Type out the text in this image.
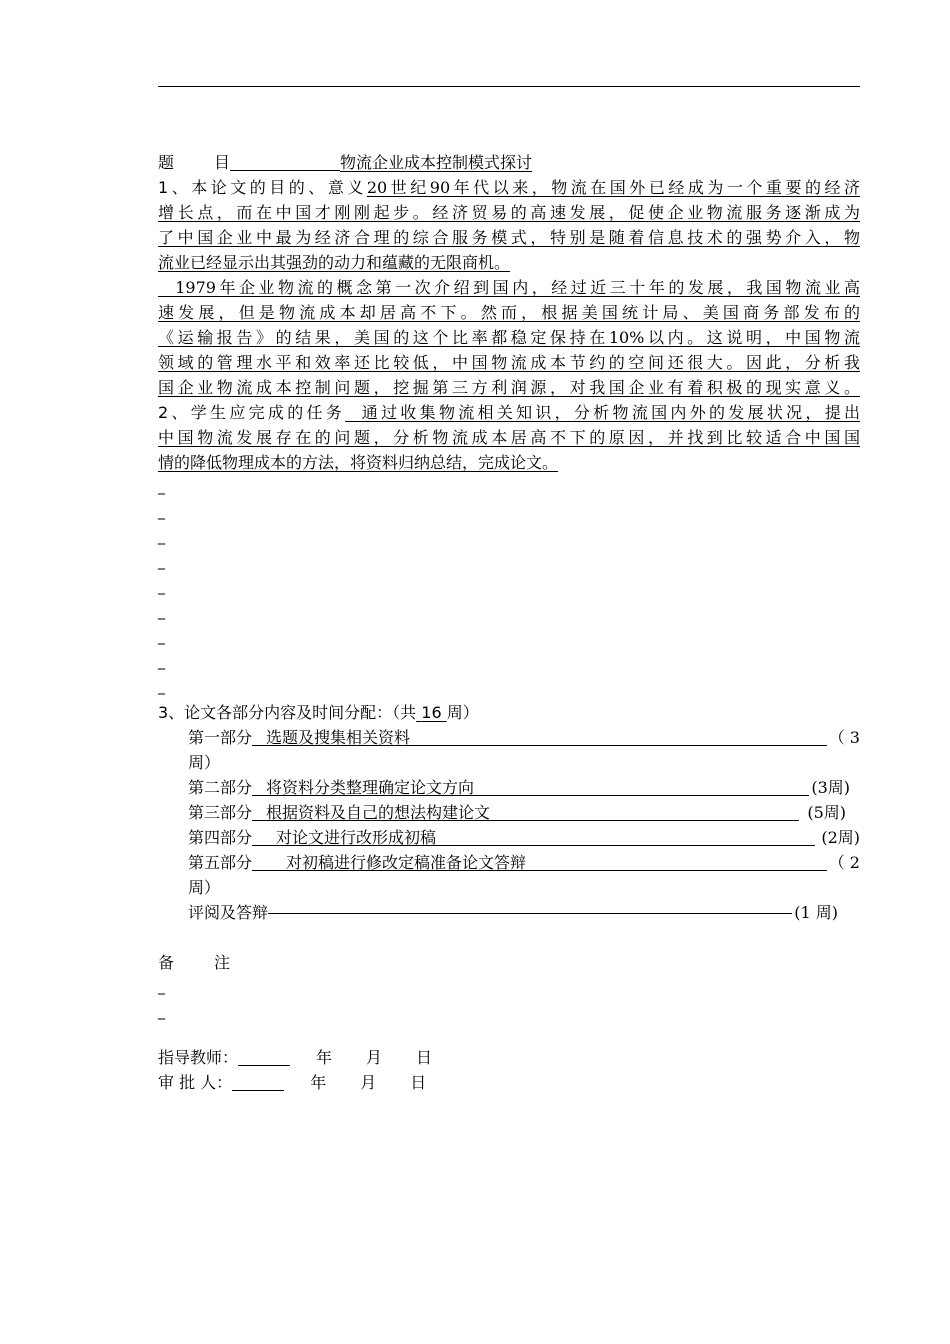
题	目	物流企业成本控制模式探讨
1、本论文的目的、意义20世纪90年代以来，物流在国外已经成为一个重要的经济
增长点，而在中国才刚刚起步。经济贸易的高速发展，促使企业物流服务逐渐成为
了中国企业中最为经济合理的综合服务模式，特别是随着信息技术的强势介入，物
流业已经显示出其强劲的动力和蕴藏的无限商机。
1979年企业物流的概念第一次介绍到国内，经过近三十年的发展，我国物流业高
速发展，但是物流成本却居高不下。然而，根据美国统计局、美国商务部发布的
《运输报告》的结果，美国的这个比率都稳定保持在10%以内。这说明，中国物流
领域的管理水平和效率还比较低，中国物流成本节约的空间还很大。因此，分析我
国企业物流成本控制问题，挖掘第三方利润源，对我国企业有着积极的现实意义。
2、学生应完成的任务  通过收集物流相关知识，分析物流国内外的发展状况，提出
中国物流发展存在的问题，分析物流成本居高不下的原因，并找到比较适合中国国
情的降低物理成本的方法，将资料归纳总结，完成论文。
_
_
_
_
_
_
_
_
_
3、论文各部分内容及时间分配：（共 16 周）
第一部分 选题及搜集相关资料	（ 3
周）
第二部分 将资料分类整理确定论文方向	(3周)
第三部分 根据资料及自己的想法构建论文	(5周)
第四部分	对论文进行改形成初稿	(2周)
第五部分	对初稿进行修改定稿准备论文答辩	（ 2
周）
评阅及答辩	(1 周)
备	注
_
_
指导教师：	年 月 日
审 批 人：	年 月 日
